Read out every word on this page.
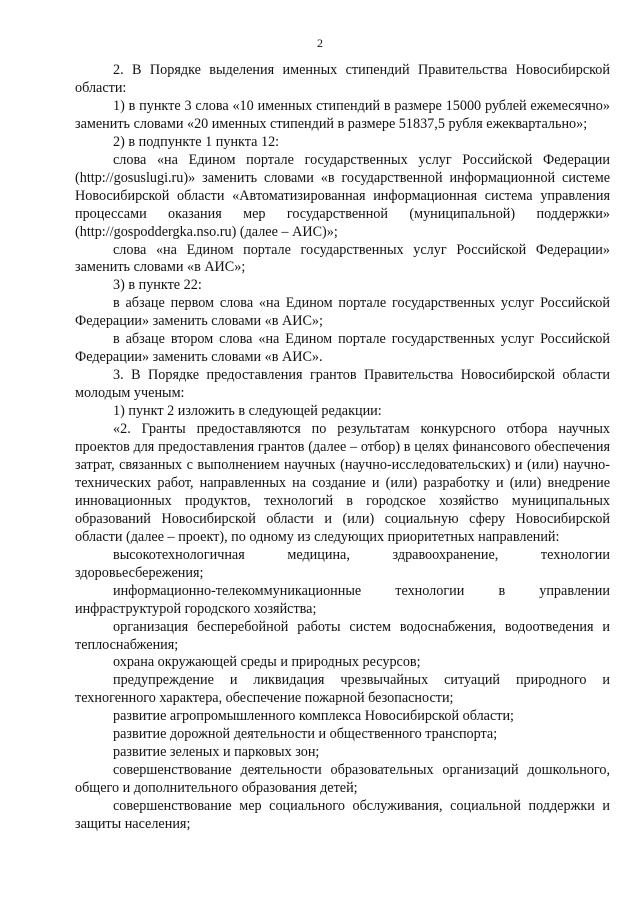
2

2. В Порядке выделения именных стипендий Правительства Новосибирской области:

1) в пункте 3 слова «10 именных стипендий в размере 15000 рублей ежемесячно» заменить словами «20 именных стипендий в размере 51837,5 рубля ежеквартально»;

2) в подпункте 1 пункта 12:

слова «на Едином портале государственных услуг Российской Федерации (http://gosuslugi.ru)» заменить словами «в государственной информационной системе Новосибирской области «Автоматизированная информационная система управления процессами оказания мер государственной (муниципальной) поддержки» (http://gospoddergka.nso.ru) (далее – АИС)»;

слова «на Едином портале государственных услуг Российской Федерации» заменить словами «в АИС»;

3) в пункте 22:

в абзаце первом слова «на Едином портале государственных услуг Российской Федерации» заменить словами «в АИС»;

в абзаце втором слова «на Едином портале государственных услуг Российской Федерации» заменить словами «в АИС».

3. В Порядке предоставления грантов Правительства Новосибирской области молодым ученым:

1) пункт 2 изложить в следующей редакции:

«2. Гранты предоставляются по результатам конкурсного отбора научных проектов для предоставления грантов (далее – отбор) в целях финансового обеспечения затрат, связанных с выполнением научных (научно-исследовательских) и (или) научно-технических работ, направленных на создание и (или) разработку и (или) внедрение инновационных продуктов, технологий в городское хозяйство муниципальных образований Новосибирской области и (или) социальную сферу Новосибирской области (далее – проект), по одному из следующих приоритетных направлений:

высокотехнологичная медицина, здравоохранение, технологии здоровьесбережения;

информационно-телекоммуникационные технологии в управлении инфраструктурой городского хозяйства;

организация бесперебойной работы систем водоснабжения, водоотведения и теплоснабжения;

охрана окружающей среды и природных ресурсов;

предупреждение и ликвидация чрезвычайных ситуаций природного и техногенного характера, обеспечение пожарной безопасности;

развитие агропромышленного комплекса Новосибирской области;

развитие дорожной деятельности и общественного транспорта;

развитие зеленых и парковых зон;

совершенствование деятельности образовательных организаций дошкольного, общего и дополнительного образования детей;

совершенствование мер социального обслуживания, социальной поддержки и защиты населения;
